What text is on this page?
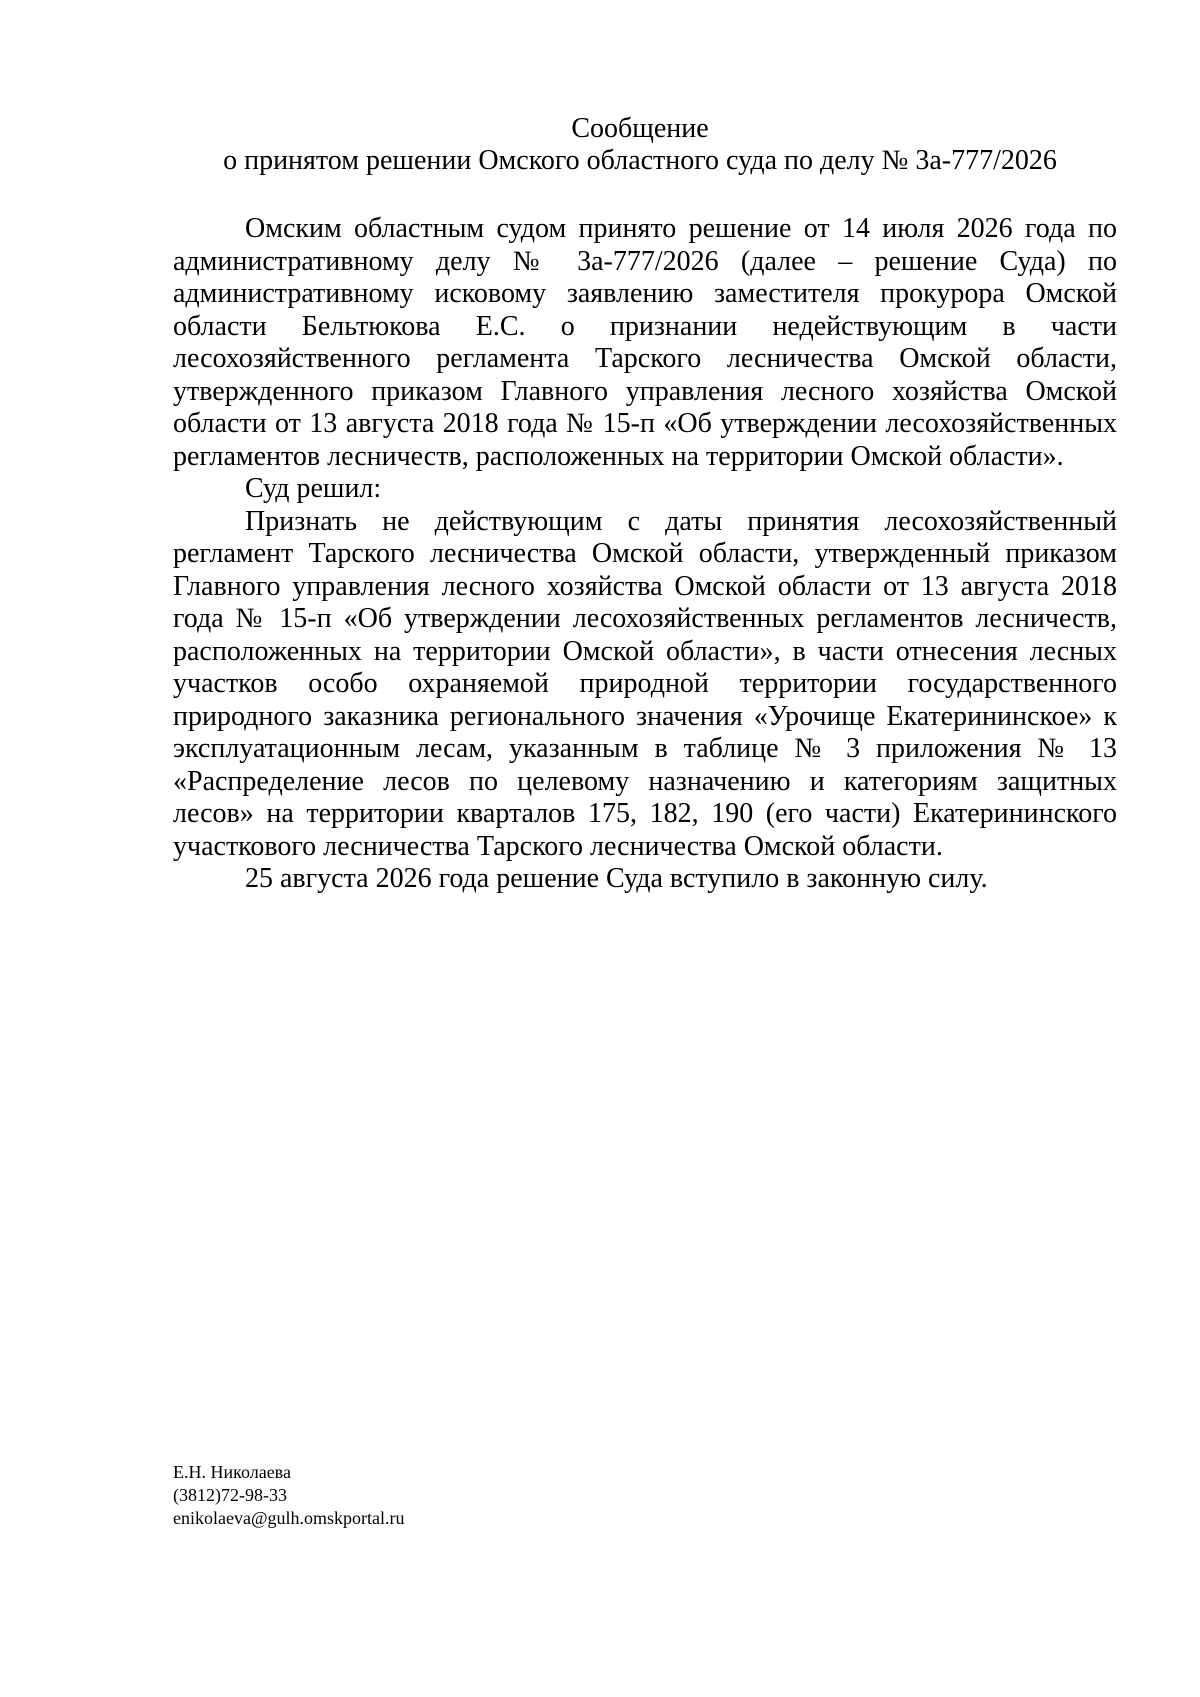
Сообщение
о принятом решении Омского областного суда по делу № 3а-777/2026

Омским областным судом принято решение от 14 июля 2026 года по административному делу № 3а-777/2026 (далее – решение Суда) по административному исковому заявлению заместителя прокурора Омской области Бельтюкова Е.С. о признании недействующим в части лесохозяйственного регламента Тарского лесничества Омской области, утвержденного приказом Главного управления лесного хозяйства Омской области от 13 августа 2018 года № 15-п «Об утверждении лесохозяйственных регламентов лесничеств, расположенных на территории Омской области».

Суд решил:

Признать не действующим с даты принятия лесохозяйственный регламент Тарского лесничества Омской области, утвержденный приказом Главного управления лесного хозяйства Омской области от 13 августа 2018 года № 15-п «Об утверждении лесохозяйственных регламентов лесничеств, расположенных на территории Омской области», в части отнесения лесных участков особо охраняемой природной территории государственного природного заказника регионального значения «Урочище Екатерининское» к эксплуатационным лесам, указанным в таблице № 3 приложения № 13 «Распределение лесов по целевому назначению и категориям защитных лесов» на территории кварталов 175, 182, 190 (его части) Екатерининского участкового лесничества Тарского лесничества Омской области.

25 августа 2026 года решение Суда вступило в законную силу.

Е.Н. Николаева
(3812)72-98-33
enikolaeva@gulh.omskportal.ru
